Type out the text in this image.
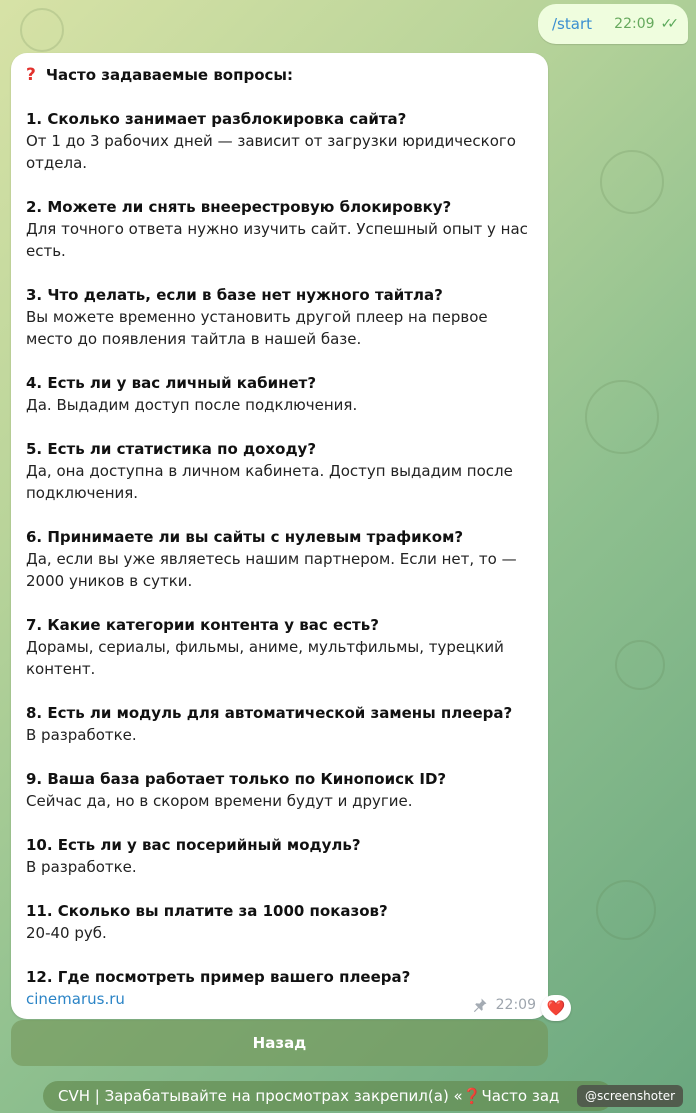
/start 22:09 ✓✓
? Часто задаваемые вопросы:
1. Сколько занимает разблокировка сайта?
От 1 до 3 рабочих дней — зависит от загрузки юридического отдела.
2. Можете ли снять внеерестровую блокировку?
Для точного ответа нужно изучить сайт. Успешный опыт у нас есть.
3. Что делать, если в базе нет нужного тайтла?
Вы можете временно установить другой плеер на первое место до появления тайтла в нашей базе.
4. Есть ли у вас личный кабинет?
Да. Выдадим доступ после подключения.
5. Есть ли статистика по доходу?
Да, она доступна в личном кабинета. Доступ выдадим после подключения.
6. Принимаете ли вы сайты с нулевым трафиком?
Да, если вы уже являетесь нашим партнером. Если нет, то — 2000 уников в сутки.
7. Какие категории контента у вас есть?
Дорамы, сериалы, фильмы, аниме, мультфильмы, турецкий контент.
8. Есть ли модуль для автоматической замены плеера?
В разработке.
9. Ваша база работает только по Кинопоиск ID?
Сейчас да, но в скором времени будут и другие.
10. Есть ли у вас посерийный модуль?
В разработке.
11. Сколько вы платите за 1000 показов?
20-40 руб.
12. Где посмотреть пример вашего плеера?
cinemarus.ru	22:09 ❤️
Назад
CVH | Зарабатывайте на просмотрах закрепил(а) « ❓ Часто зад	@screenshoter
